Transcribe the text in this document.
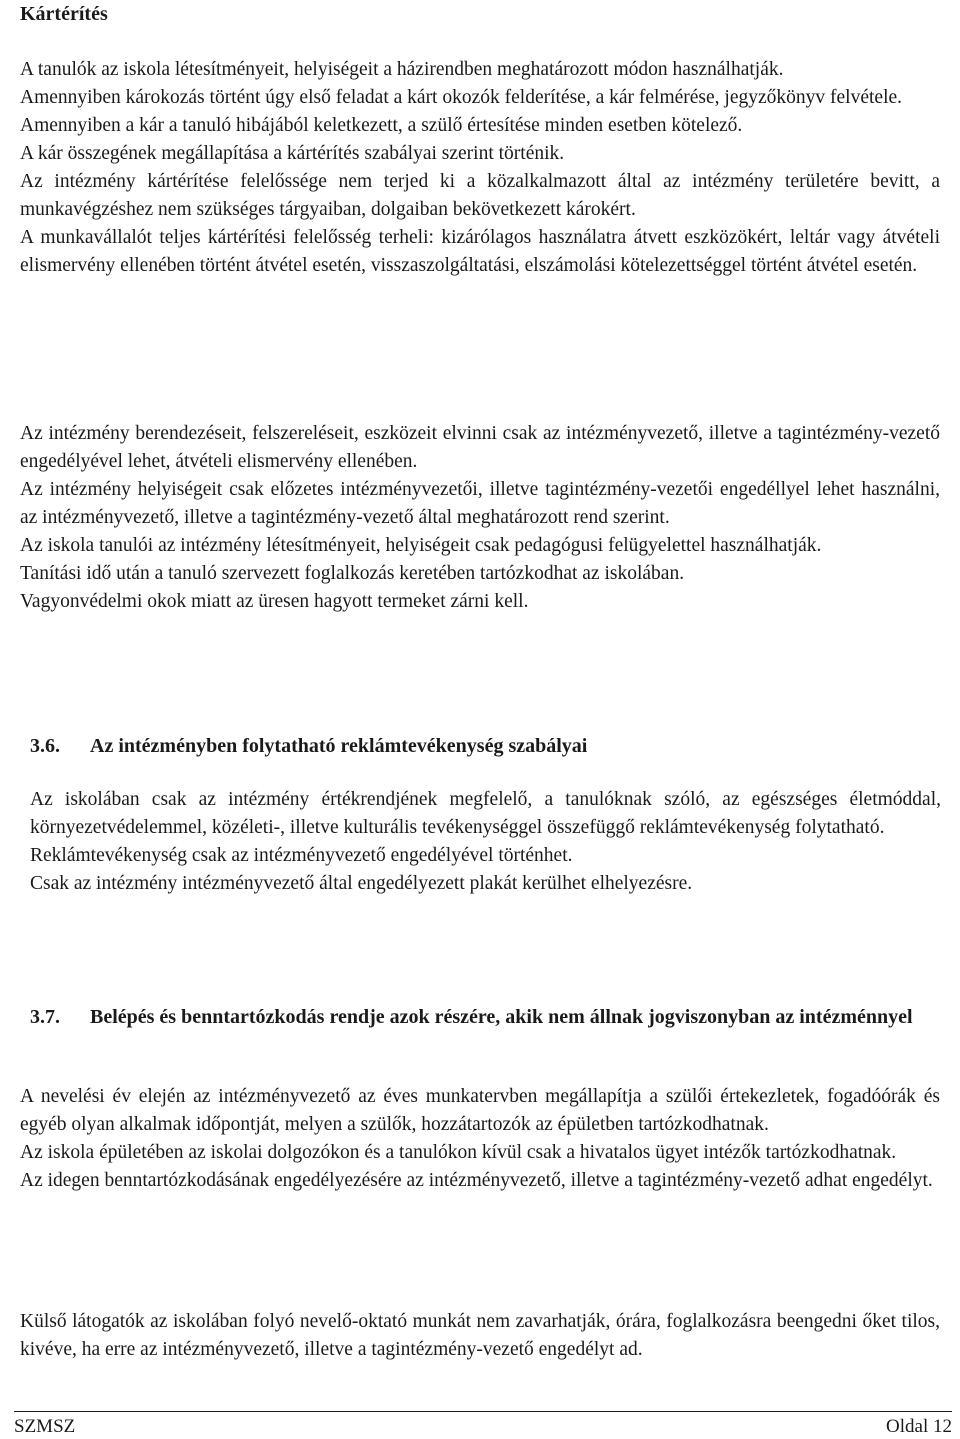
Kártérítés

A tanulók az iskola létesítményeit, helyiségeit a házirendben meghatározott módon használhatják.

Amennyiben károkozás történt úgy első feladat a kárt okozók felderítése, a kár felmérése, jegyzőkönyv felvétele.

Amennyiben a kár a tanuló hibájából keletkezett, a szülő értesítése minden esetben kötelező.

A kár összegének megállapítása a kártérítés szabályai szerint történik.

Az intézmény kártérítése felelőssége nem terjed ki a közalkalmazott által az intézmény területére bevitt, a munkavégzéshez nem szükséges tárgyaiban, dolgaiban bekövetkezett károkért.

A munkavállalót teljes kártérítési felelősség terheli: kizárólagos használatra átvett eszközökért, leltár vagy átvételi elismervény ellenében történt átvétel esetén, visszaszolgáltatási, elszámolási kötelezettséggel történt átvétel esetén.

Az intézmény berendezéseit, felszereléseit, eszközeit elvinni csak az intézményvezető, illetve a tagintézmény-vezető engedélyével lehet, átvételi elismervény ellenében.

Az intézmény helyiségeit csak előzetes intézményvezetői, illetve tagintézmény-vezetői engedéllyel lehet használni, az intézményvezető, illetve a tagintézmény-vezető által meghatározott rend szerint.

Az iskola tanulói az intézmény létesítményeit, helyiségeit csak pedagógusi felügyelettel használhatják.

Tanítási idő után a tanuló szervezett foglalkozás keretében tartózkodhat az iskolában.

Vagyonvédelmi okok miatt az üresen hagyott termeket zárni kell.

3.6.	Az intézményben folytatható reklámtevékenység szabályai

Az iskolában csak az intézmény értékrendjének megfelelő, a tanulóknak szóló, az egészséges életmóddal, környezetvédelemmel, közéleti-, illetve kulturális tevékenységgel összefüggő reklámtevékenység folytatható.

Reklámtevékenység csak az intézményvezető engedélyével történhet.

Csak az intézmény intézményvezető által engedélyezett plakát kerülhet elhelyezésre.

3.7.	Belépés és benntartózkodás rendje azok részére, akik nem állnak jogviszonyban az intézménnyel

A nevelési év elején az intézményvezető az éves munkatervben megállapítja a szülői értekezletek, fogadóórák és egyéb olyan alkalmak időpontját, melyen a szülők, hozzátartozók az épületben tartózkodhatnak.

Az iskola épületében az iskolai dolgozókon és a tanulókon kívül csak a hivatalos ügyet intézők tartózkodhatnak.

Az idegen benntartózkodásának engedélyezésére az intézményvezető, illetve a tagintézmény-vezető adhat engedélyt.

Külső látogatók az iskolában folyó nevelő-oktató munkát nem zavarhatják, órára, foglalkozásra beengedni őket tilos, kivéve, ha erre az intézményvezető, illetve a tagintézmény-vezető engedélyt ad.

SZMSZ	Oldal 12
